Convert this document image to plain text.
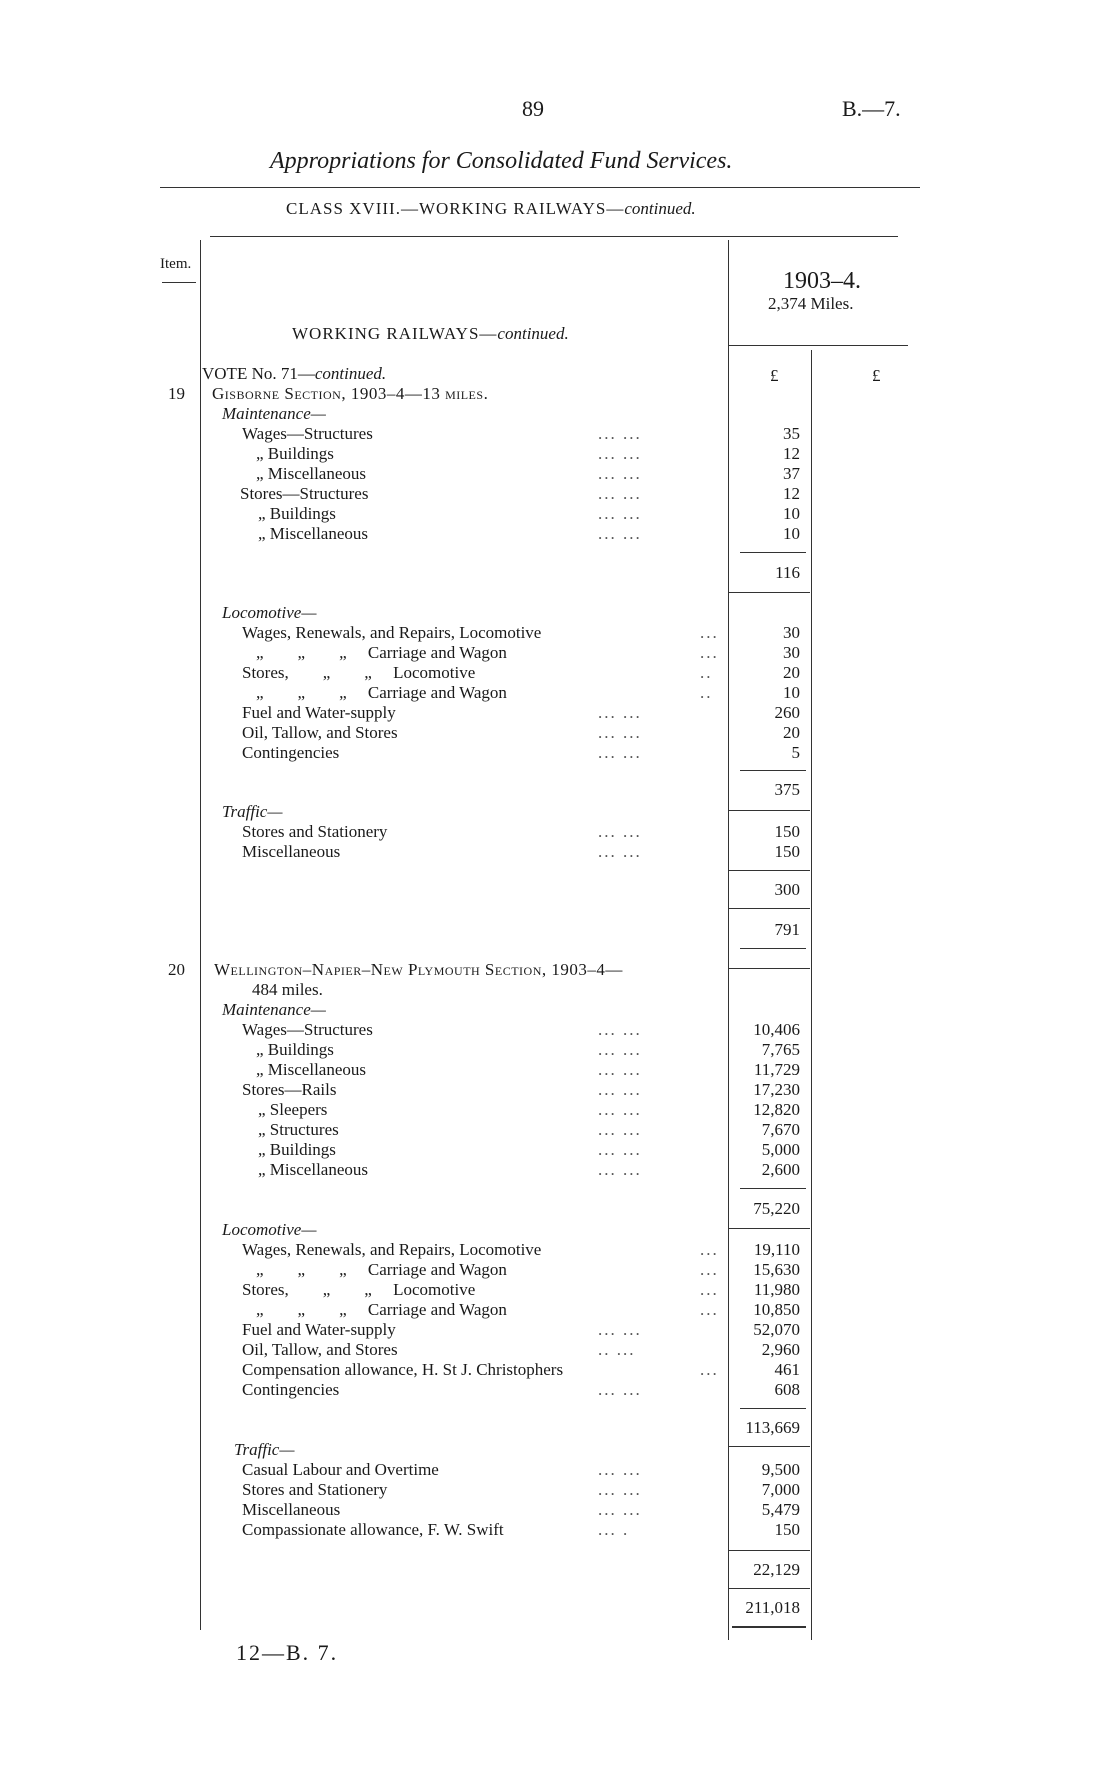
89	B.—7.
Appropriations for Consolidated Fund Services.
CLASS XVIII.—WORKING RAILWAYS—continued.
Item.
1903–4.
2,374 Miles.
WORKING RAILWAYS—continued.
£	£
VOTE No. 71—continued.
19 Gisborne Section, 1903–4—13 miles.
Maintenance—
Wages—Structures	... ...	35
„ Buildings	... ...	12
„ Miscellaneous	... ...	37
Stores—Structures	... ...	12
„ Buildings	... ...	10
„ Miscellaneous	... ...	10
116
Locomotive—
Wages, Renewals, and Repairs, Locomotive	...	30
„        „        „     Carriage and Wagon	...	30
Stores,        „        „     Locomotive	..	20
„        „        „     Carriage and Wagon	..	10
Fuel and Water-supply	... ...	260
Oil, Tallow, and Stores	... ...	20
Contingencies	... ...	5
375
Traffic—
Stores and Stationery	... ...	150
Miscellaneous	... ...	150
300
791
20 Wellington–Napier–New Plymouth Section, 1903–4—
484 miles.
Maintenance—
Wages—Structures	... ...	10,406
„ Buildings	... ...	7,765
„ Miscellaneous	... ...	11,729
Stores—Rails	... ...	17,230
„ Sleepers	... ...	12,820
„ Structures	... ...	7,670
„ Buildings	... ...	5,000
„ Miscellaneous	... ...	2,600
75,220
Locomotive—
Wages, Renewals, and Repairs, Locomotive	...	19,110
„        „        „     Carriage and Wagon	...	15,630
Stores,        „        „     Locomotive	...	11,980
„        „        „     Carriage and Wagon	...	10,850
Fuel and Water-supply	... ...	52,070
Oil, Tallow, and Stores	.. ...	2,960
Compensation allowance, H. St J. Christophers	...	461
Contingencies	... ...	608
113,669
Traffic—
Casual Labour and Overtime	... ...	9,500
Stores and Stationery	... ...	7,000
Miscellaneous	... ...	5,479
Compassionate allowance, F. W. Swift	... .	150
22,129
211,018
12—B. 7.
